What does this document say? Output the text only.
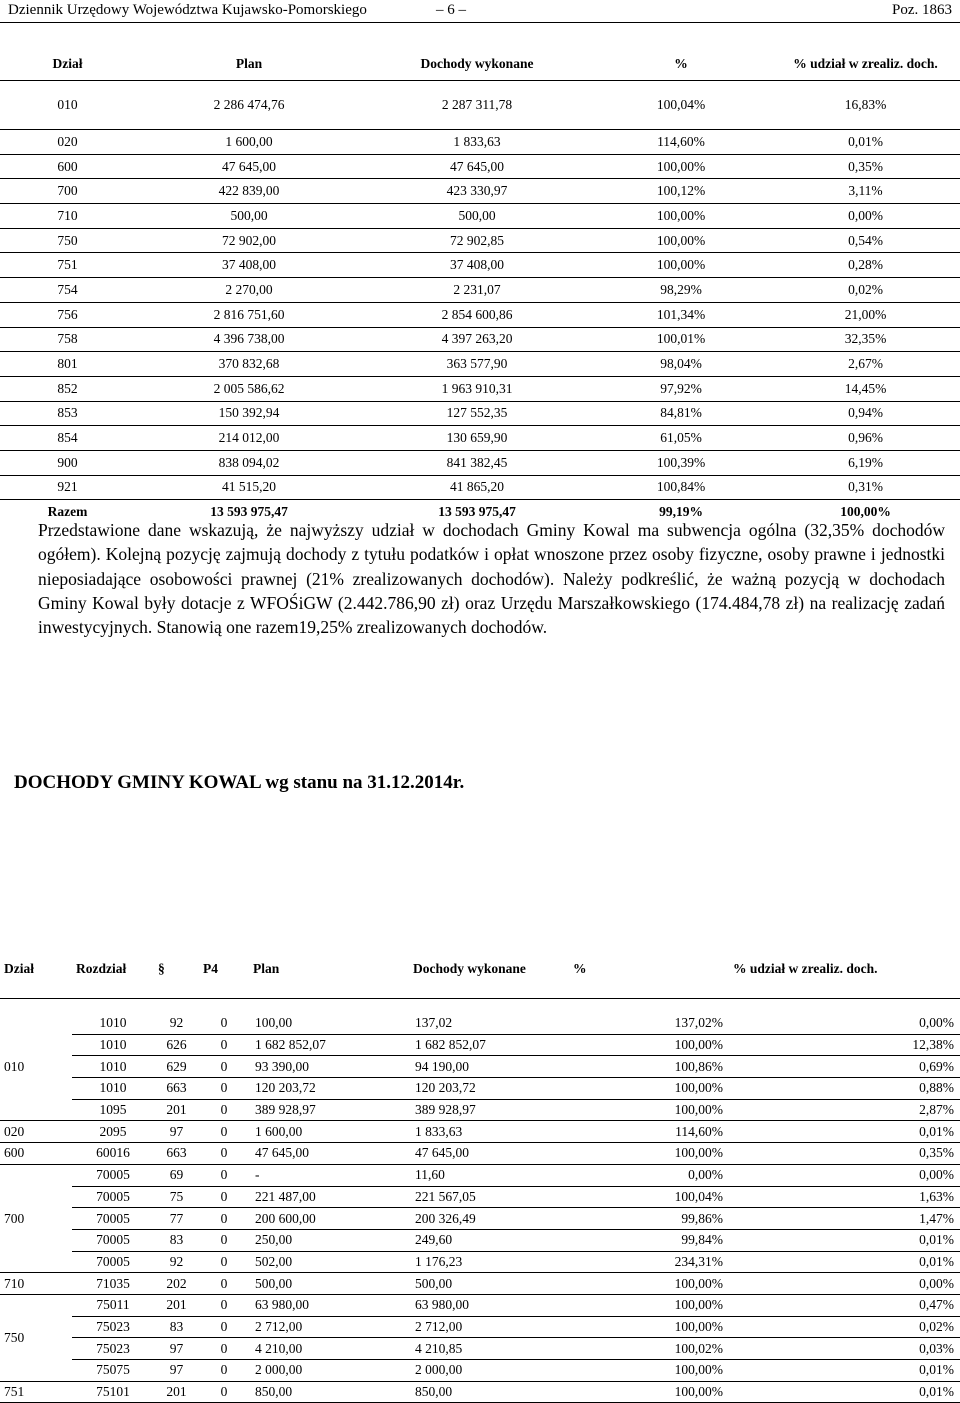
Dziennik Urzędowy Województwa Kujawsko-Pomorskiego	– 6 –	Poz. 1863
Dział	Plan	Dochody wykonane	%	% udział w zrealiz. doch.
010	2 286 474,76	2 287 311,78	100,04%	16,83%
020	1 600,00	1 833,63	114,60%	0,01%
600	47 645,00	47 645,00	100,00%	0,35%
700	422 839,00	423 330,97	100,12%	3,11%
710	500,00	500,00	100,00%	0,00%
750	72 902,00	72 902,85	100,00%	0,54%
751	37 408,00	37 408,00	100,00%	0,28%
754	2 270,00	2 231,07	98,29%	0,02%
756	2 816 751,60	2 854 600,86	101,34%	21,00%
758	4 396 738,00	4 397 263,20	100,01%	32,35%
801	370 832,68	363 577,90	98,04%	2,67%
852	2 005 586,62	1 963 910,31	97,92%	14,45%
853	150 392,94	127 552,35	84,81%	0,94%
854	214 012,00	130 659,90	61,05%	0,96%
900	838 094,02	841 382,45	100,39%	6,19%
921	41 515,20	41 865,20	100,84%	0,31%
Razem	13 593 975,47	13 593 975,47	99,19%	100,00%
Przedstawione dane wskazują, że najwyższy udział w dochodach Gminy Kowal ma subwencja ogólna (32,35% dochodów ogółem). Kolejną pozycję zajmują dochody z tytułu podatków i opłat wnoszone przez osoby fizyczne, osoby prawne i jednostki nieposiadające osobowości prawnej (21% zrealizowanych dochodów). Należy podkreślić, że ważną pozycją w dochodach Gminy Kowal były dotacje z WFOŚiGW (2.442.786,90 zł) oraz Urzędu Marszałkowskiego (174.484,78 zł) na realizację zadań inwestycyjnych. Stanowią one razem19,25% zrealizowanych dochodów.
DOCHODY GMINY KOWAL wg stanu na 31.12.2014r.
Dział	Rozdział	§	P4	Plan	Dochody wykonane	%	% udział w zrealiz. doch.

010	1010	92	0	100,00	137,02	137,02%	0,00%
	1010	626	0	1 682 852,07	1 682 852,07	100,00%	12,38%
	1010	629	0	93 390,00	94 190,00	100,86%	0,69%
	1010	663	0	120 203,72	120 203,72	100,00%	0,88%
	1095	201	0	389 928,97	389 928,97	100,00%	2,87%
020	2095	97	0	1 600,00	1 833,63	114,60%	0,01%
600	60016	663	0	47 645,00	47 645,00	100,00%	0,35%
700	70005	69	0	-	11,60	0,00%	0,00%
	70005	75	0	221 487,00	221 567,05	100,04%	1,63%
	70005	77	0	200 600,00	200 326,49	99,86%	1,47%
	70005	83	0	250,00	249,60	99,84%	0,01%
	70005	92	0	502,00	1 176,23	234,31%	0,01%
710	71035	202	0	500,00	500,00	100,00%	0,00%
750	75011	201	0	63 980,00	63 980,00	100,00%	0,47%
	75023	83	0	2 712,00	2 712,00	100,00%	0,02%
	75023	97	0	4 210,00	4 210,85	100,02%	0,03%
	75075	97	0	2 000,00	2 000,00	100,00%	0,01%
751	75101	201	0	850,00	850,00	100,00%	0,01%
